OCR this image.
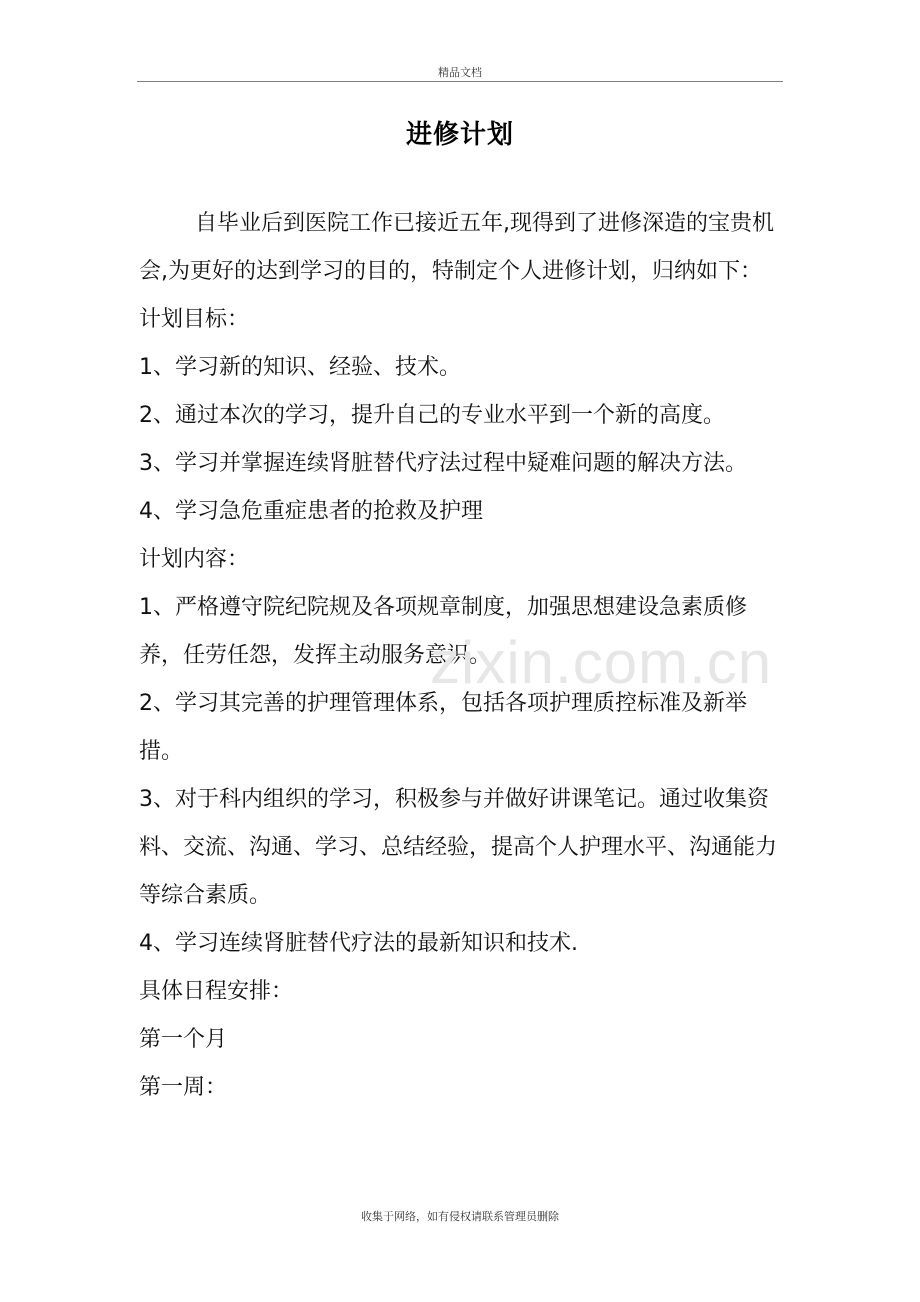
精品文档
进修计划

自毕业后到医院工作已接近五年,现得到了进修深造的宝贵机会,为更好的达到学习的目的，特制定个人进修计划，归纳如下：

计划目标：

1、学习新的知识、经验、技术。

2、通过本次的学习，提升自己的专业水平到一个新的高度。

3、学习并掌握连续肾脏替代疗法过程中疑难问题的解决方法。

4、学习急危重症患者的抢救及护理

计划内容：

1、严格遵守院纪院规及各项规章制度，加强思想建设急素质修养，任劳任怨，发挥主动服务意识。

2、学习其完善的护理管理体系，包括各项护理质控标准及新举措。

3、对于科内组织的学习，积极参与并做好讲课笔记。通过收集资料、交流、沟通、学习、总结经验，提高个人护理水平、沟通能力等综合素质。

4、学习连续肾脏替代疗法的最新知识和技术.

具体日程安排：

第一个月

第一周：

zixin.com.cn
收集于网络，如有侵权请联系管理员删除
